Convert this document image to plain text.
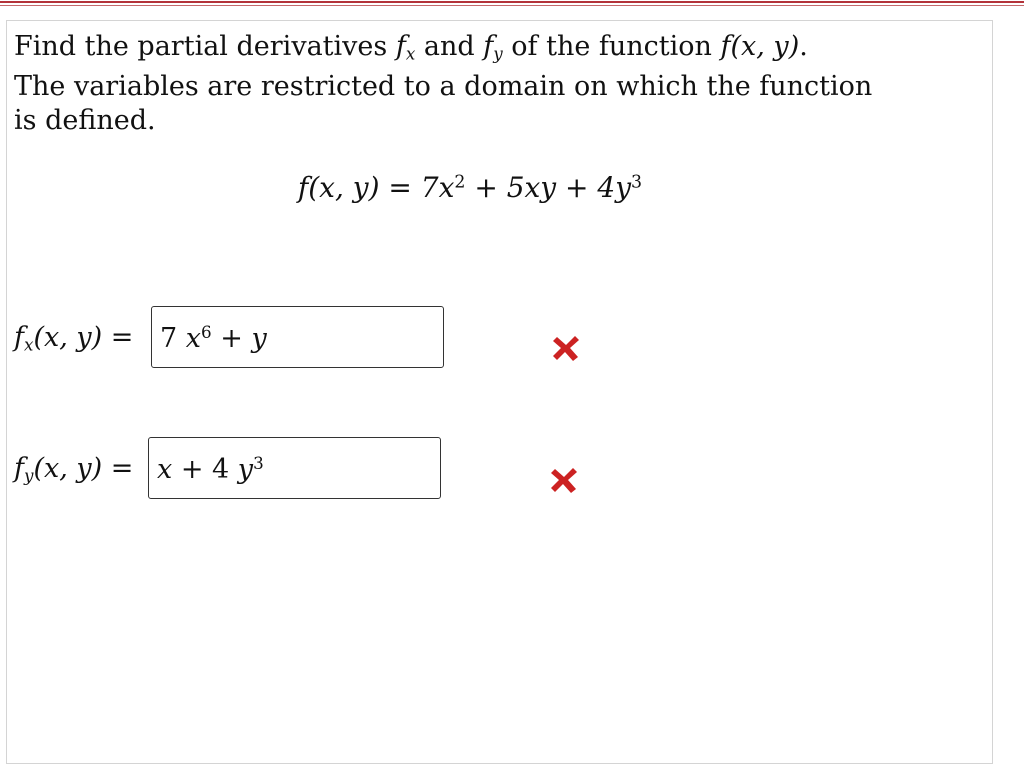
Find the partial derivatives $f_x$ and $f_y$ of the function f(x, y).

The variables are restricted to a domain on which the function is defined.

f(x, $y) = 7x^2 + 5xy + 4y^3$
$f_x(x$, y) = 7 $x^6 + y$
$f_y(x$, y) = x + 4 $y^3$
